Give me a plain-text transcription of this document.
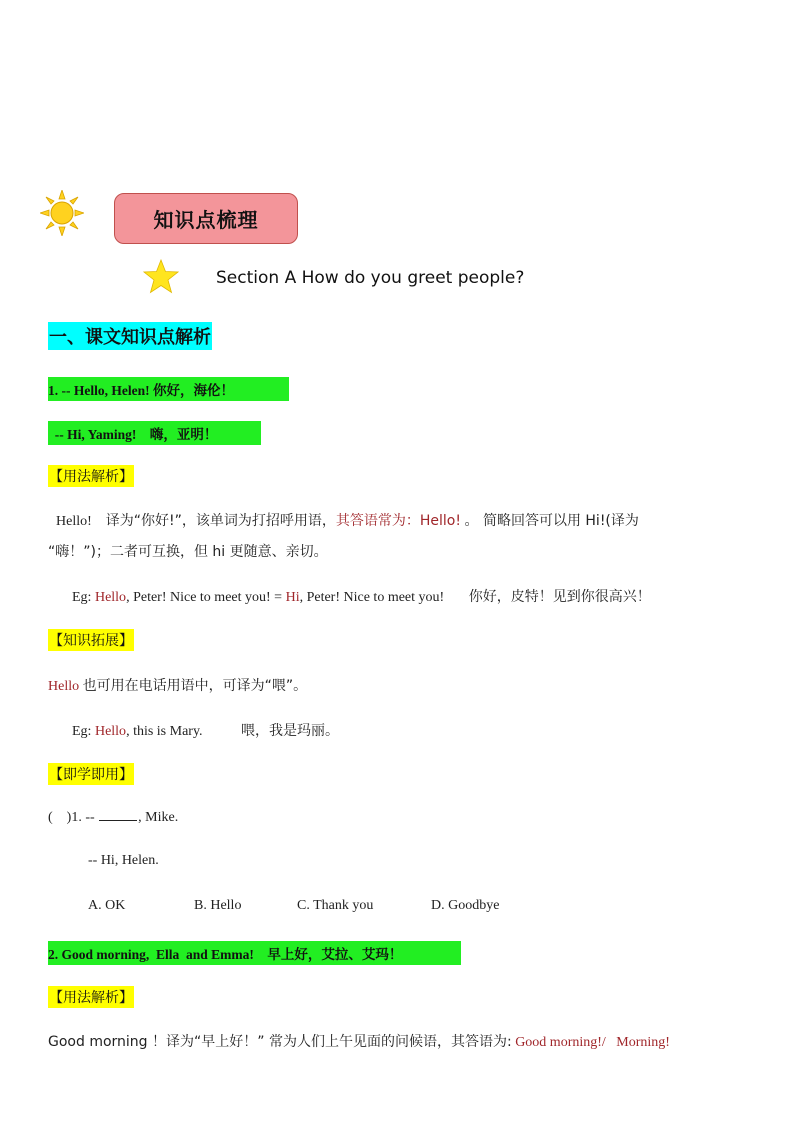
知识点梳理
Section A How do you greet people?
一、课文知识点解析
1. -- Hello, Helen! 你好，海伦！
-- Hi, Yaming!    嗨，亚明！
【用法解析】
Hello! 译为“你好!”，该单词为打招呼用语，其答语常为：Hello! 。 简略回答可以用 Hi!(译为
“嗨！”)；二者可互换，但 hi 更随意、亲切。
Eg: Hello, Peter! Nice to meet you! = Hi, Peter! Nice to meet you! 你好，皮特！见到你很高兴！
【知识拓展】
Hello 也可用在电话用语中，可译为“喂”。
Eg: Hello, this is Mary.	喂，我是玛丽。
【即学即用】
(    )1. --	, Mike.
-- Hi, Helen.
A. OK	B. Hello	C. Thank you	D. Goodbye
2. Good morning,  Ella  and Emma!    早上好，艾拉、艾玛！
【用法解析】
Good morning ！译为“早上好！” 常为人们上午见面的问候语，其答语为: Good morning!/   Morning!
